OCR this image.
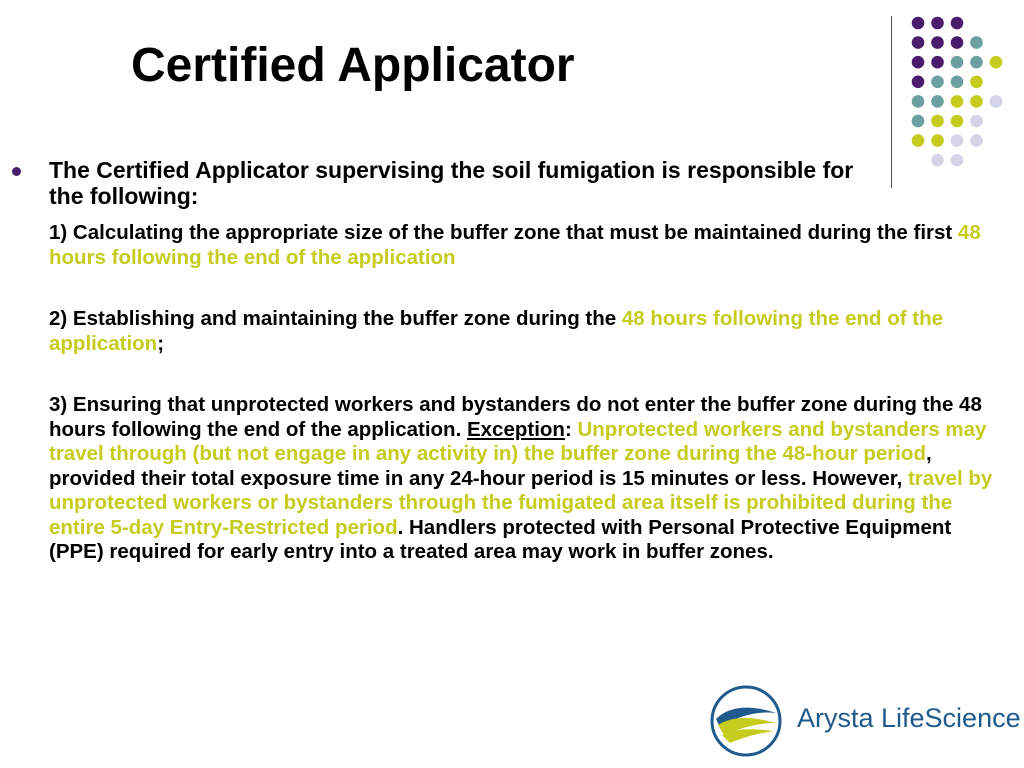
Certified Applicator

The Certified Applicator supervising the soil fumigation is responsible for the following:

1) Calculating the appropriate size of the buffer zone that must be maintained during the first 48 hours following the end of the application

2) Establishing and maintaining the buffer zone during the 48 hours following the end of the application;

3) Ensuring that unprotected workers and bystanders do not enter the buffer zone during the 48 hours following the end of the application. Exception: Unprotected workers and bystanders may travel through (but not engage in any activity in) the buffer zone during the 48-hour period, provided their total exposure time in any 24-hour period is 15 minutes or less. However, travel by unprotected workers or bystanders through the fumigated area itself is prohibited during the entire 5-day Entry-Restricted period. Handlers protected with Personal Protective Equipment (PPE) required for early entry into a treated area may work in buffer zones.

Arysta LifeScience
